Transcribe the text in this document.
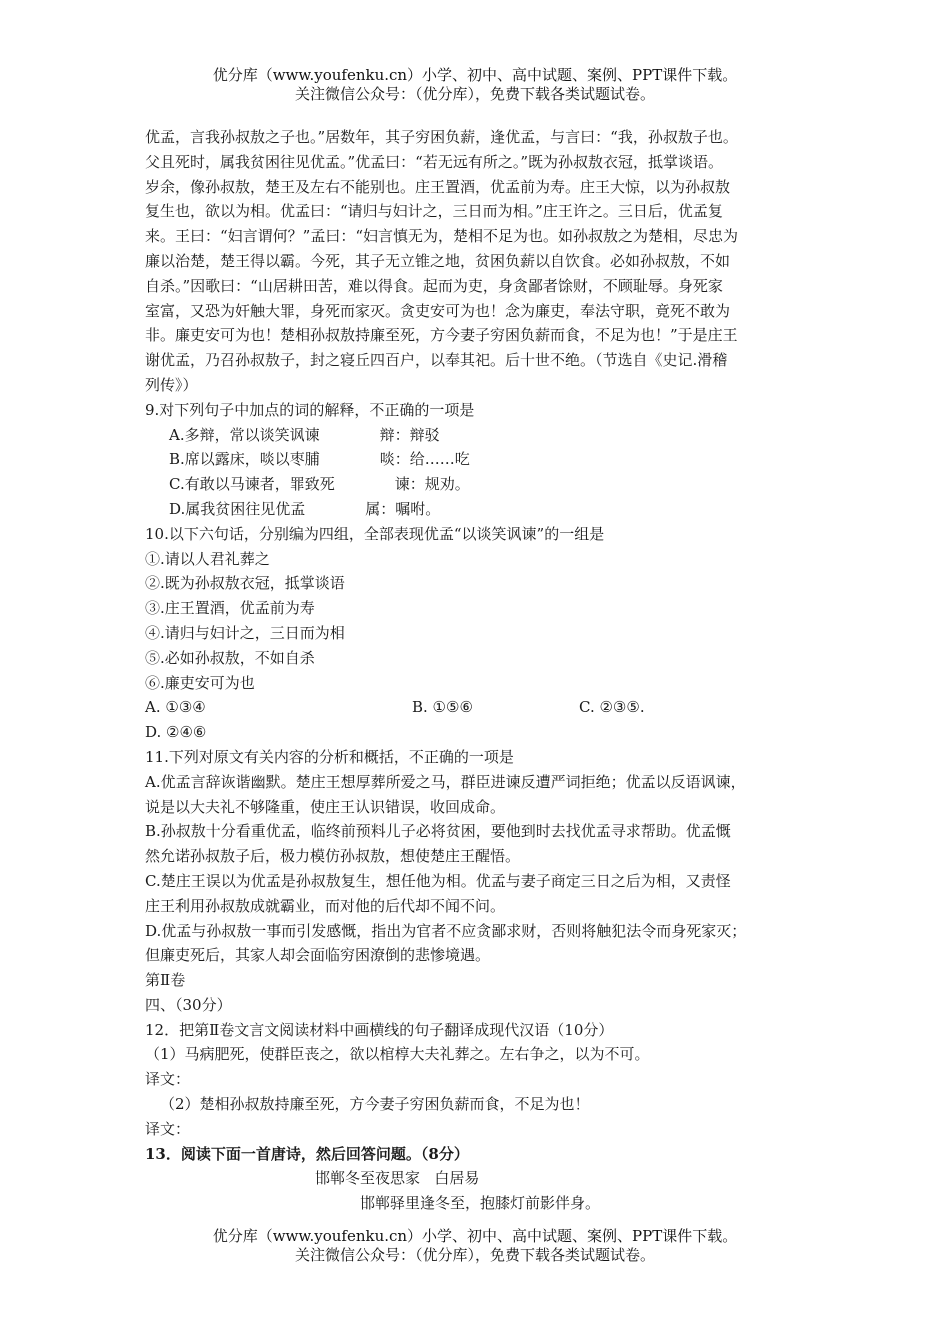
优分库（www.youfenku.cn）小学、初中、高中试题、案例、PPT课件下载。
关注微信公众号：（优分库），免费下载各类试题试卷。

优孟，言我孙叔敖之子也。”居数年，其子穷困负薪，逢优孟，与言曰：“我，孙叔敖子也。

父且死时，属我贫困往见优孟。”优孟曰：“若无远有所之。”既为孙叔敖衣冠，抵掌谈语。

岁余，像孙叔敖，楚王及左右不能别也。庄王置酒，优孟前为寿。庄王大惊，以为孙叔敖

复生也，欲以为相。优孟曰：“请归与妇计之，三日而为相。”庄王许之。三日后，优孟复

来。王曰：“妇言谓何？”孟曰：“妇言慎无为，楚相不足为也。如孙叔敖之为楚相，尽忠为

廉以治楚，楚王得以霸。今死，其子无立锥之地，贫困负薪以自饮食。必如孙叔敖，不如

自杀。”因歌曰：“山居耕田苦，难以得食。起而为吏，身贪鄙者馀财，不顾耻辱。身死家

室富，又恐为奸触大罪，身死而家灭。贪吏安可为也！念为廉吏，奉法守职，竟死不敢为

非。廉吏安可为也！楚相孙叔敖持廉至死，方今妻子穷困负薪而食，不足为也！”于是庄王

谢优孟，乃召孙叔敖子，封之寝丘四百户，以奉其祀。后十世不绝。（节选自《史记.滑稽

列传》）

9.对下列句子中加点的词的解释，不正确的一项是

A.多辩，常以谈笑讽谏	辩：辩驳

B.席以露床，啖以枣脯	啖：给……吃

C.有敢以马谏者，罪致死	谏：规劝。

D.属我贫困往见优孟	属：嘱咐。

10.以下六句话，分别编为四组，全部表现优孟“以谈笑讽谏”的一组是

①.请以人君礼葬之

②.既为孙叔敖衣冠，抵掌谈语

③.庄王置酒，优孟前为寿

④.请归与妇计之，三日而为相

⑤.必如孙叔敖，不如自杀

⑥.廉吏安可为也

A. ①③④	B. ①⑤⑥	C. ②③⑤.

D. ②④⑥

11.下列对原文有关内容的分析和概括，不正确的一项是

A.优孟言辞诙谐幽默。楚庄王想厚葬所爱之马，群臣进谏反遭严词拒绝；优孟以反语讽谏，

说是以大夫礼不够隆重，使庄王认识错误，收回成命。

B.孙叔敖十分看重优孟，临终前预料儿子必将贫困，要他到时去找优孟寻求帮助。优孟慨

然允诺孙叔敖子后，极力模仿孙叔敖，想使楚庄王醒悟。

C.楚庄王误以为优孟是孙叔敖复生，想任他为相。优孟与妻子商定三日之后为相，又责怪

庄王利用孙叔敖成就霸业，而对他的后代却不闻不问。

D.优孟与孙叔敖一事而引发感慨，指出为官者不应贪鄙求财，否则将触犯法令而身死家灭；

但廉吏死后，其家人却会面临穷困潦倒的悲惨境遇。

第Ⅱ卷

四、（30分）

12．把第Ⅱ卷文言文阅读材料中画横线的句子翻译成现代汉语（10分）

（1）马病肥死，使群臣丧之，欲以棺椁大夫礼葬之。左右争之，以为不可。

译文：

（2）楚相孙叔敖持廉至死，方今妻子穷困负薪而食，不足为也！

译文：

13．阅读下面一首唐诗，然后回答问题。（8分）

邯郸冬至夜思家 白居易

邯郸驿里逢冬至，抱膝灯前影伴身。

优分库（www.youfenku.cn）小学、初中、高中试题、案例、PPT课件下载。
关注微信公众号：（优分库），免费下载各类试题试卷。
